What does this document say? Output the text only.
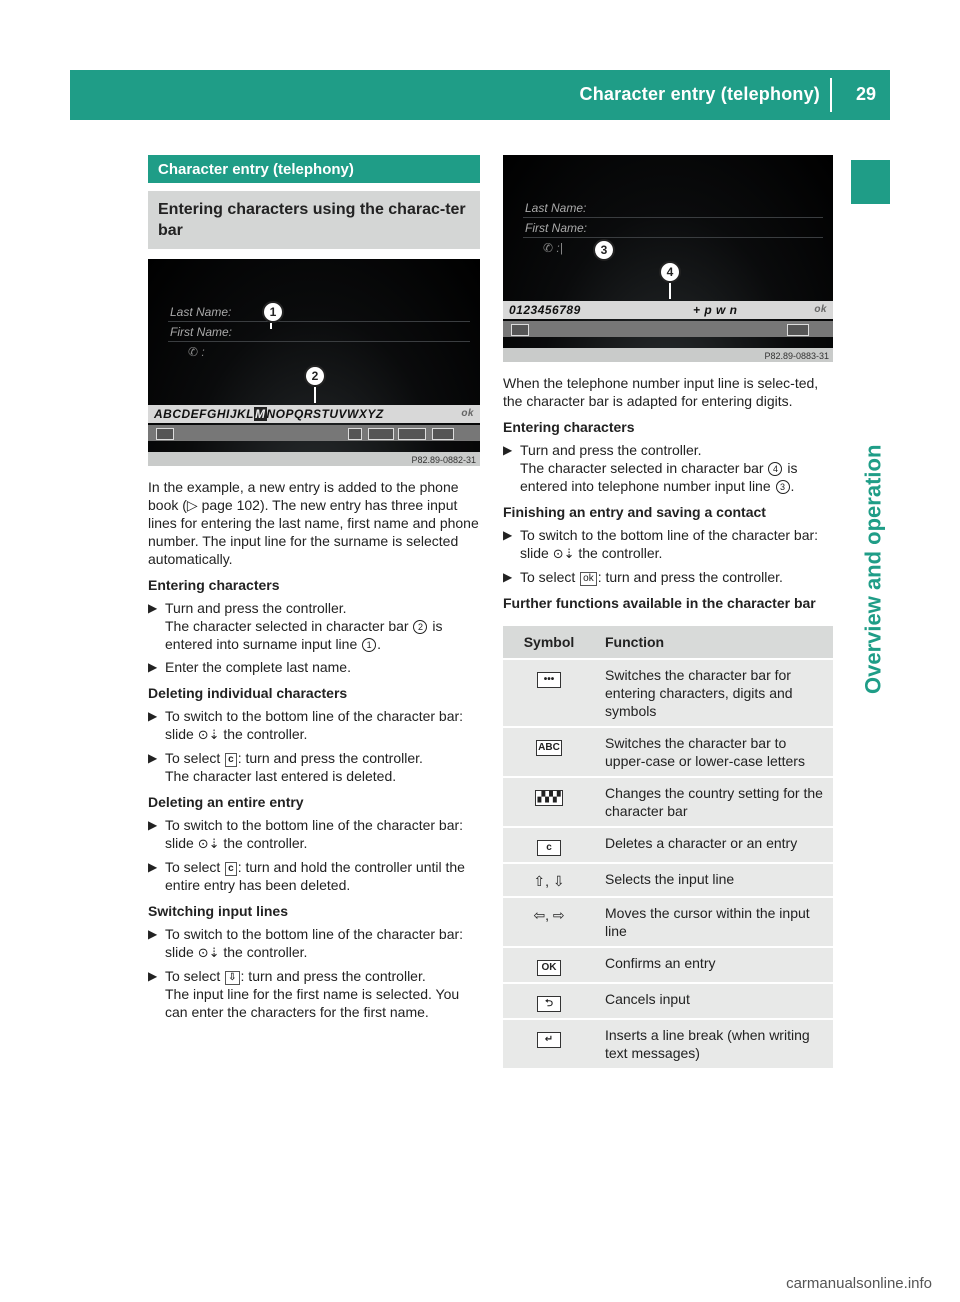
Character entry (telephony) 29
Overview and operation
Character entry (telephony)
Entering characters using the charac-ter bar
Last Name:
First Name:
✆ :
1
2
ABCDEFGHIJKLMNOPQRSTUVWXYZ	ok
P82.89-0882-31

In the example, a new entry is added to the phone book (▷ page 102). The new entry has three input lines for entering the last name, first name and phone number. The input line for the surname is selected automatically.

Entering characters
▶ Turn and press the controller.
The character selected in character bar 2 is entered into surname input line 1 .
▶ Enter the complete last name.
Deleting individual characters
▶ To switch to the bottom line of the character bar: slide ⊙⇣ the controller.
▶ To select c : turn and press the controller.
The character last entered is deleted.
Deleting an entire entry
▶ To switch to the bottom line of the character bar: slide ⊙⇣ the controller.
▶ To select c : turn and hold the controller until the entire entry has been deleted.
Switching input lines
▶ To switch to the bottom line of the character bar: slide ⊙⇣ the controller.
▶ To select ⇩ : turn and press the controller.
The input line for the first name is selected. You can enter the characters for the first name.
Last Name:
First Name:
✆ :|	3
4
0123456789	+ p w n	ok
P82.89-0883-31

When the telephone number input line is selec-ted, the character bar is adapted for entering digits.

Entering characters
▶ Turn and press the controller.
The character selected in character bar 4 is entered into telephone number input line 3 .
Finishing an entry and saving a contact
▶ To switch to the bottom line of the character bar: slide ⊙⇣ the controller.
▶ To select ok : turn and press the controller.
Further functions available in the character bar
Symbol	Function
•••	Switches the character bar for entering characters, digits and symbols
ABC	Switches the character bar to upper-case or lower-case letters
▞▞▞	Changes the country setting for the character bar
c	Deletes a character or an entry
⇧, ⇩	Selects the input line
⇦, ⇨	Moves the cursor within the input line
OK	Confirms an entry
⮌	Cancels input
↵	Inserts a line break (when writing text messages)
carmanualsonline.info
